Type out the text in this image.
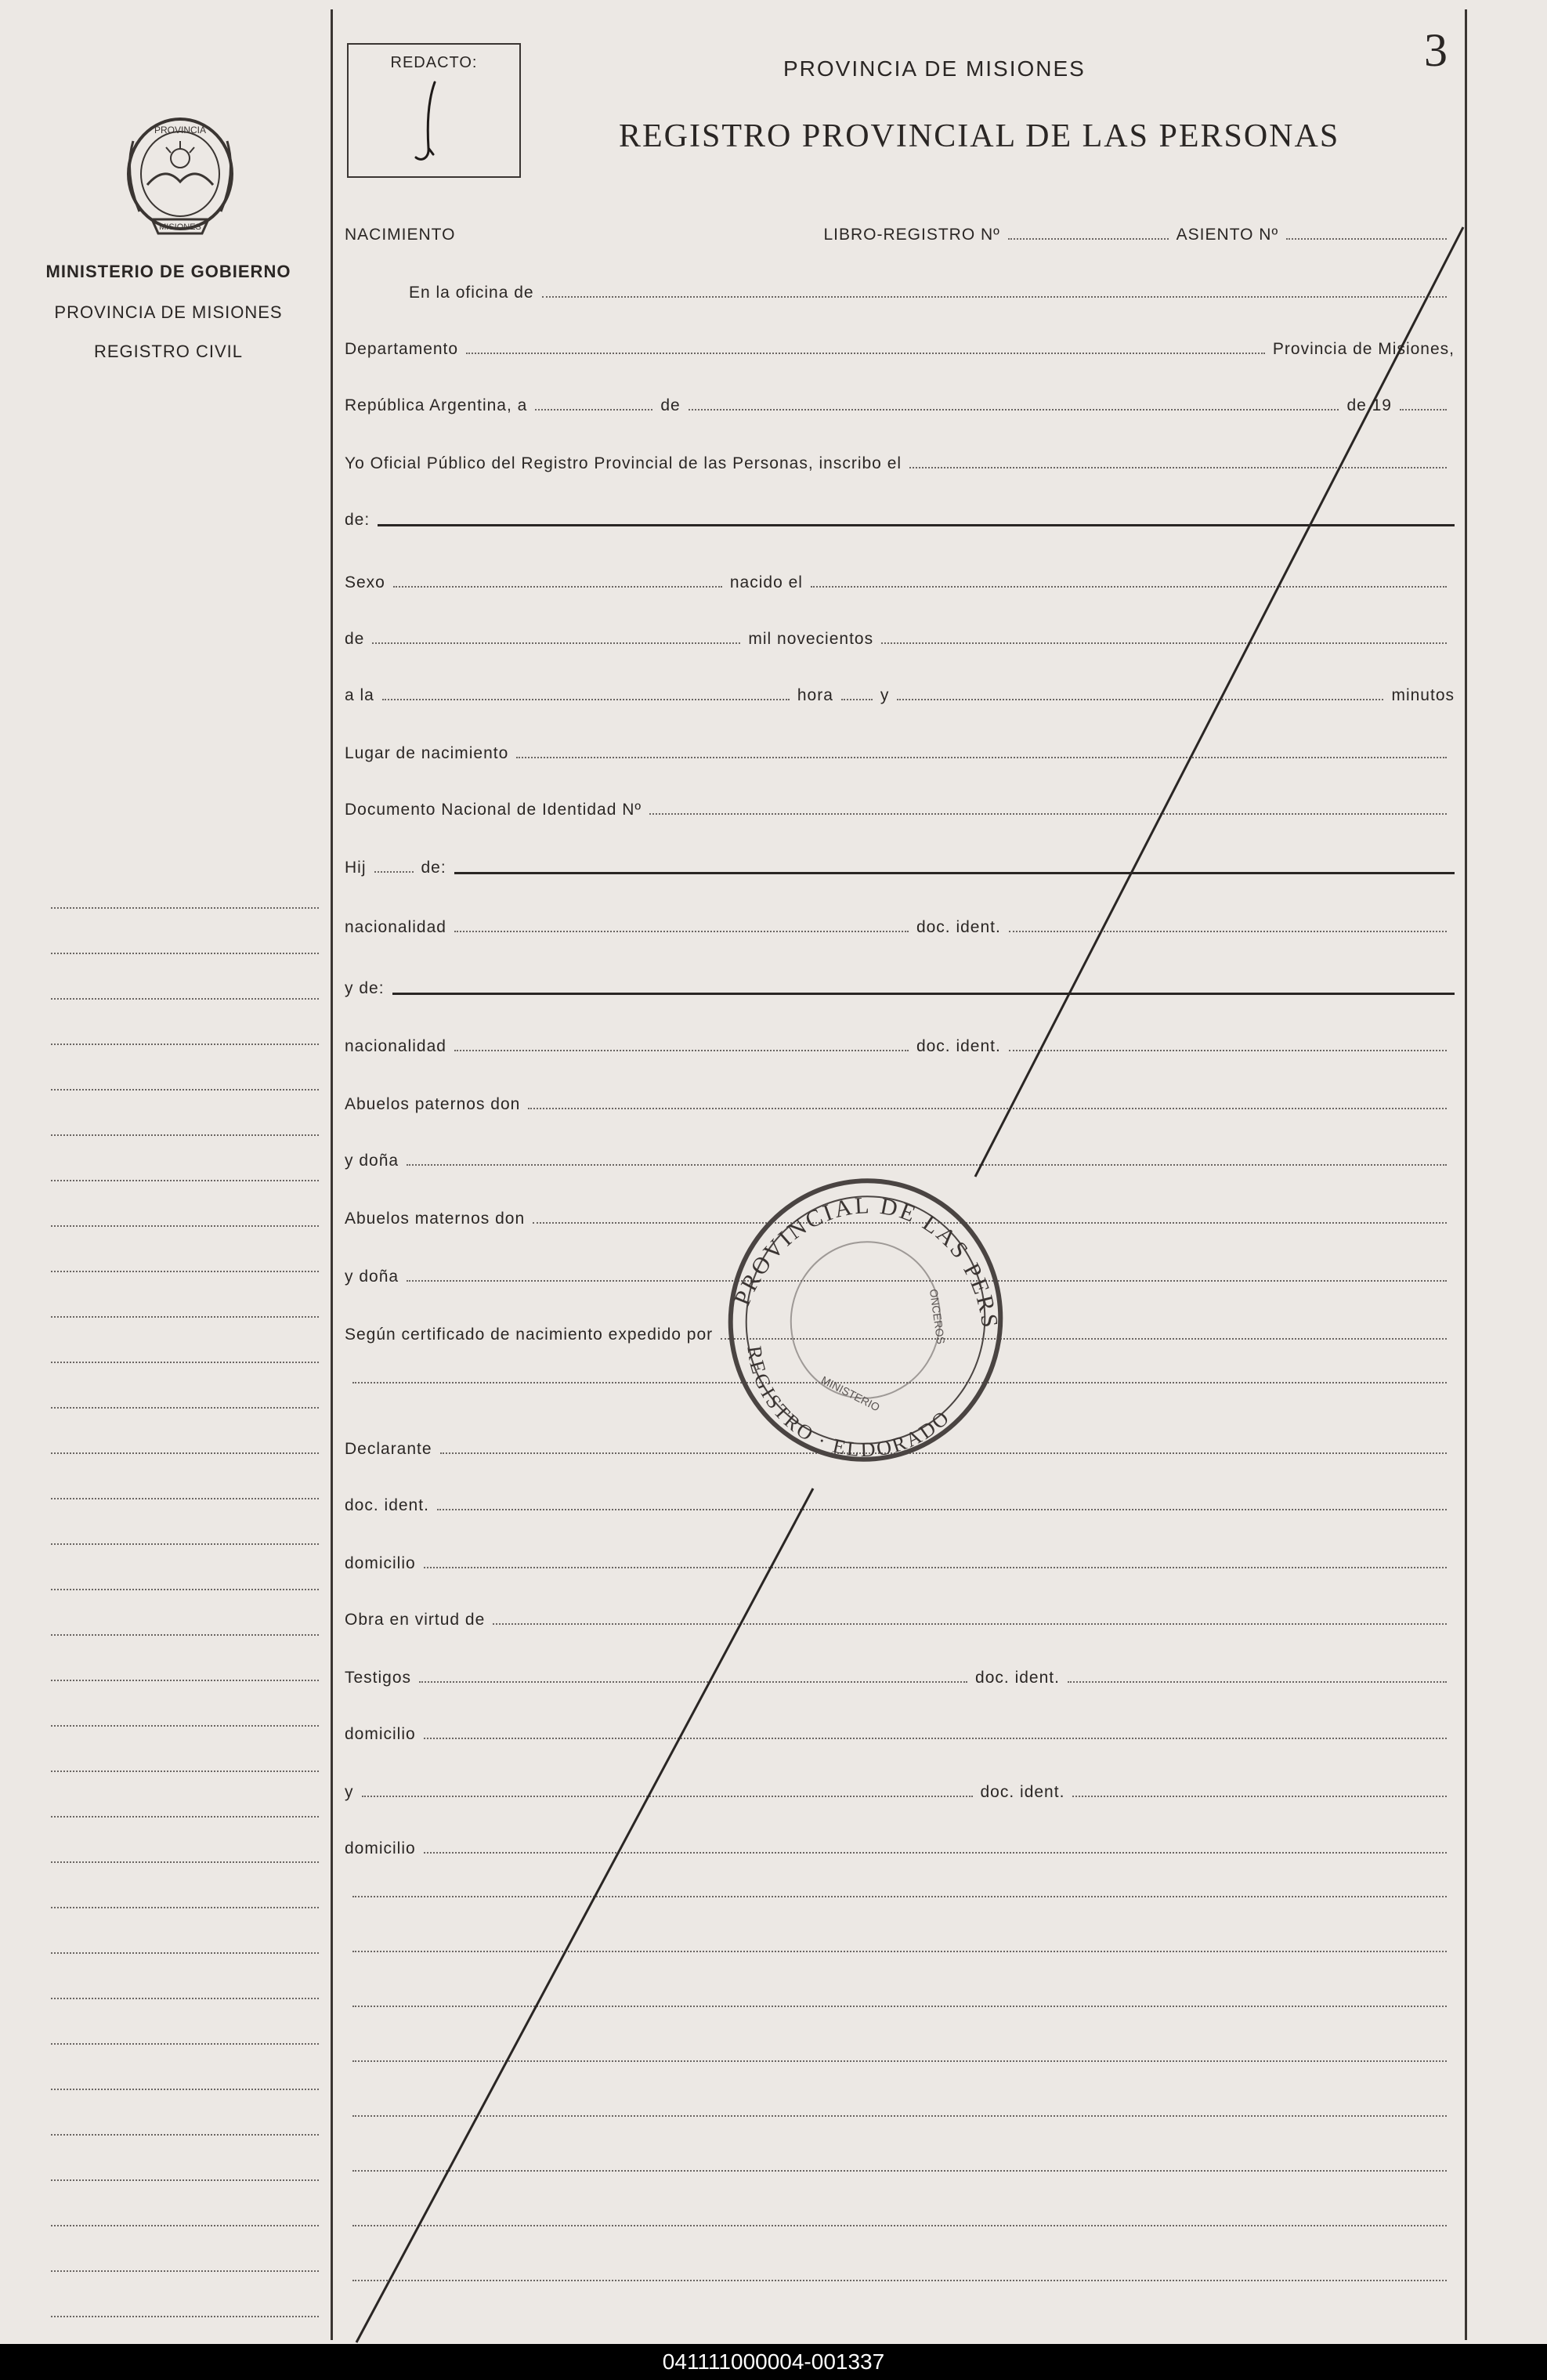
REDACTO:	PROVINCIA DE MISIONES
REGISTRO PROVINCIAL DE LAS PERSONAS
3
PROVINCIA
MISIONES
MINISTERIO DE GOBIERNO
PROVINCIA DE MISIONES
REGISTRO CIVIL
NACIMIENTO	LIBRO-REGISTRO Nº	ASIENTO Nº
En la oficina de
Departamento	Provincia de Misiones,
República Argentina, a	de	de 19
Yo Oficial Público del Registro Provincial de las Personas, inscribo el
de:
Sexo	nacido el
de	mil novecientos
a la	hora	y	minutos
Lugar de nacimiento
Documento Nacional de Identidad Nº
Hij	de:
nacionalidad	doc. ident.
y de:
nacionalidad	doc. ident.
Abuelos paternos don
y doña
Abuelos maternos don
y doña
Según certificado de nacimiento expedido por
Declarante
doc. ident.
domicilio
Obra en virtud de
Testigos	doc. ident.
domicilio
y	doc. ident.
domicilio
PROVINCIAL DE LAS PERSONAS
REGISTRO · ELDORADO
ONCEROS
MINISTERIO
041111000004-001337
